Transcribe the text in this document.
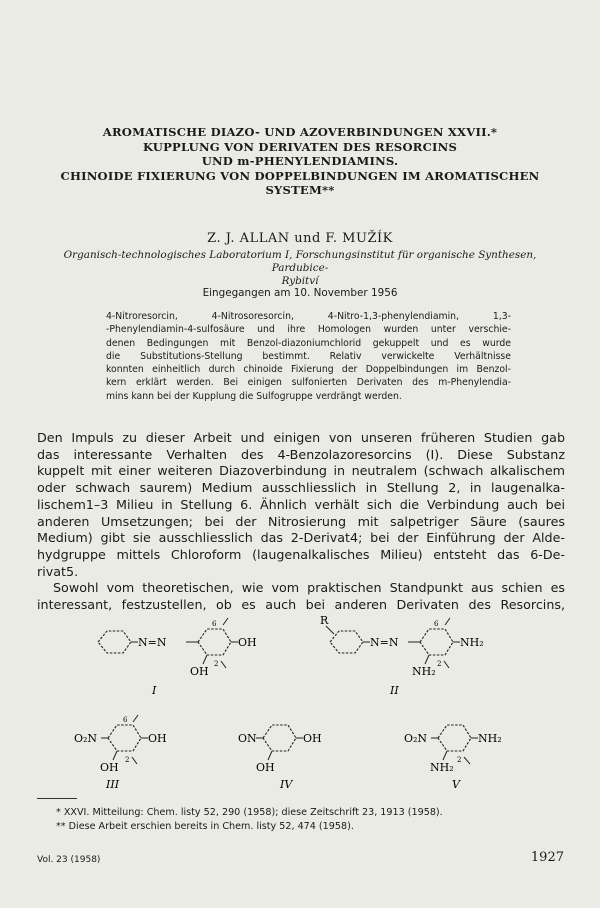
AROMATISCHE DIAZO- UND AZOVERBINDUNGEN XXVII.*
KUPPLUNG VON DERIVATEN DES RESORCINS
UND m-PHENYLENDIAMINS.
CHINOIDE FIXIERUNG VON DOPPELBINDUNGEN IM AROMATISCHEN
SYSTEM**
Z. J. ALLAN und F. MUŽÍK
Organisch-technologisches Laboratorium I, Forschungsinstitut für organische Synthesen, Pardubice-
Rybitví
Eingegangen am 10. November 1956
4-Nitroresorcin, 4-Nitrosoresorcin, 4-Nitro-1,3-phenylendiamin, 1,3-
-Phenylendiamin-4-sulfosäure und ihre Homologen wurden unter verschie-
denen Bedingungen mit Benzol-diazoniumchlorid gekuppelt und es wurde
die Substitutions-Stellung bestimmt. Relativ verwickelte Verhältnisse
konnten einheitlich durch chinoide Fixierung der Doppelbindungen im Benzol-
kern erklärt werden. Bei einigen sulfonierten Derivaten des m-Phenylendia-
mins kann bei der Kupplung die Sulfogruppe verdrängt werden.
Den Impuls zu dieser Arbeit und einigen von unseren früheren Studien gab
das interessante Verhalten des 4-Benzolazoresorcins (I). Diese Substanz
kuppelt mit einer weiteren Diazoverbindung in neutralem (schwach alkalischem
oder schwach saurem) Medium ausschliesslich in Stellung 2, in laugenalka-
lischem1–3 Milieu in Stellung 6. Ähnlich verhält sich die Verbindung auch bei
anderen Umsetzungen; bei der Nitrosierung mit salpetriger Säure (saures
Medium) gibt sie ausschliesslich das 2-Derivat4; bei der Einführung der Alde-
hydgruppe mittels Chloroform (laugenalkalisches Milieu) entsteht das 6-De-
rivat5.
Sowohl vom theoretischen, wie vom praktischen Standpunkt aus schien es
interessant, festzustellen, ob es auch bei anderen Derivaten des Resorcins,
N=N	OH
OH
6
2
I
R
N=N	NH₂
NH₂
6
2
II
O₂N	OH
OH
6
2
III
ON	OH
OH
IV
O₂N	NH₂
NH₂
2
V
* XXVI. Mitteilung: Chem. listy 52, 290 (1958); diese Zeitschrift 23, 1913 (1958).
** Diese Arbeit erschien bereits in Chem. listy 52, 474 (1958).
Vol. 23 (1958)	1927
